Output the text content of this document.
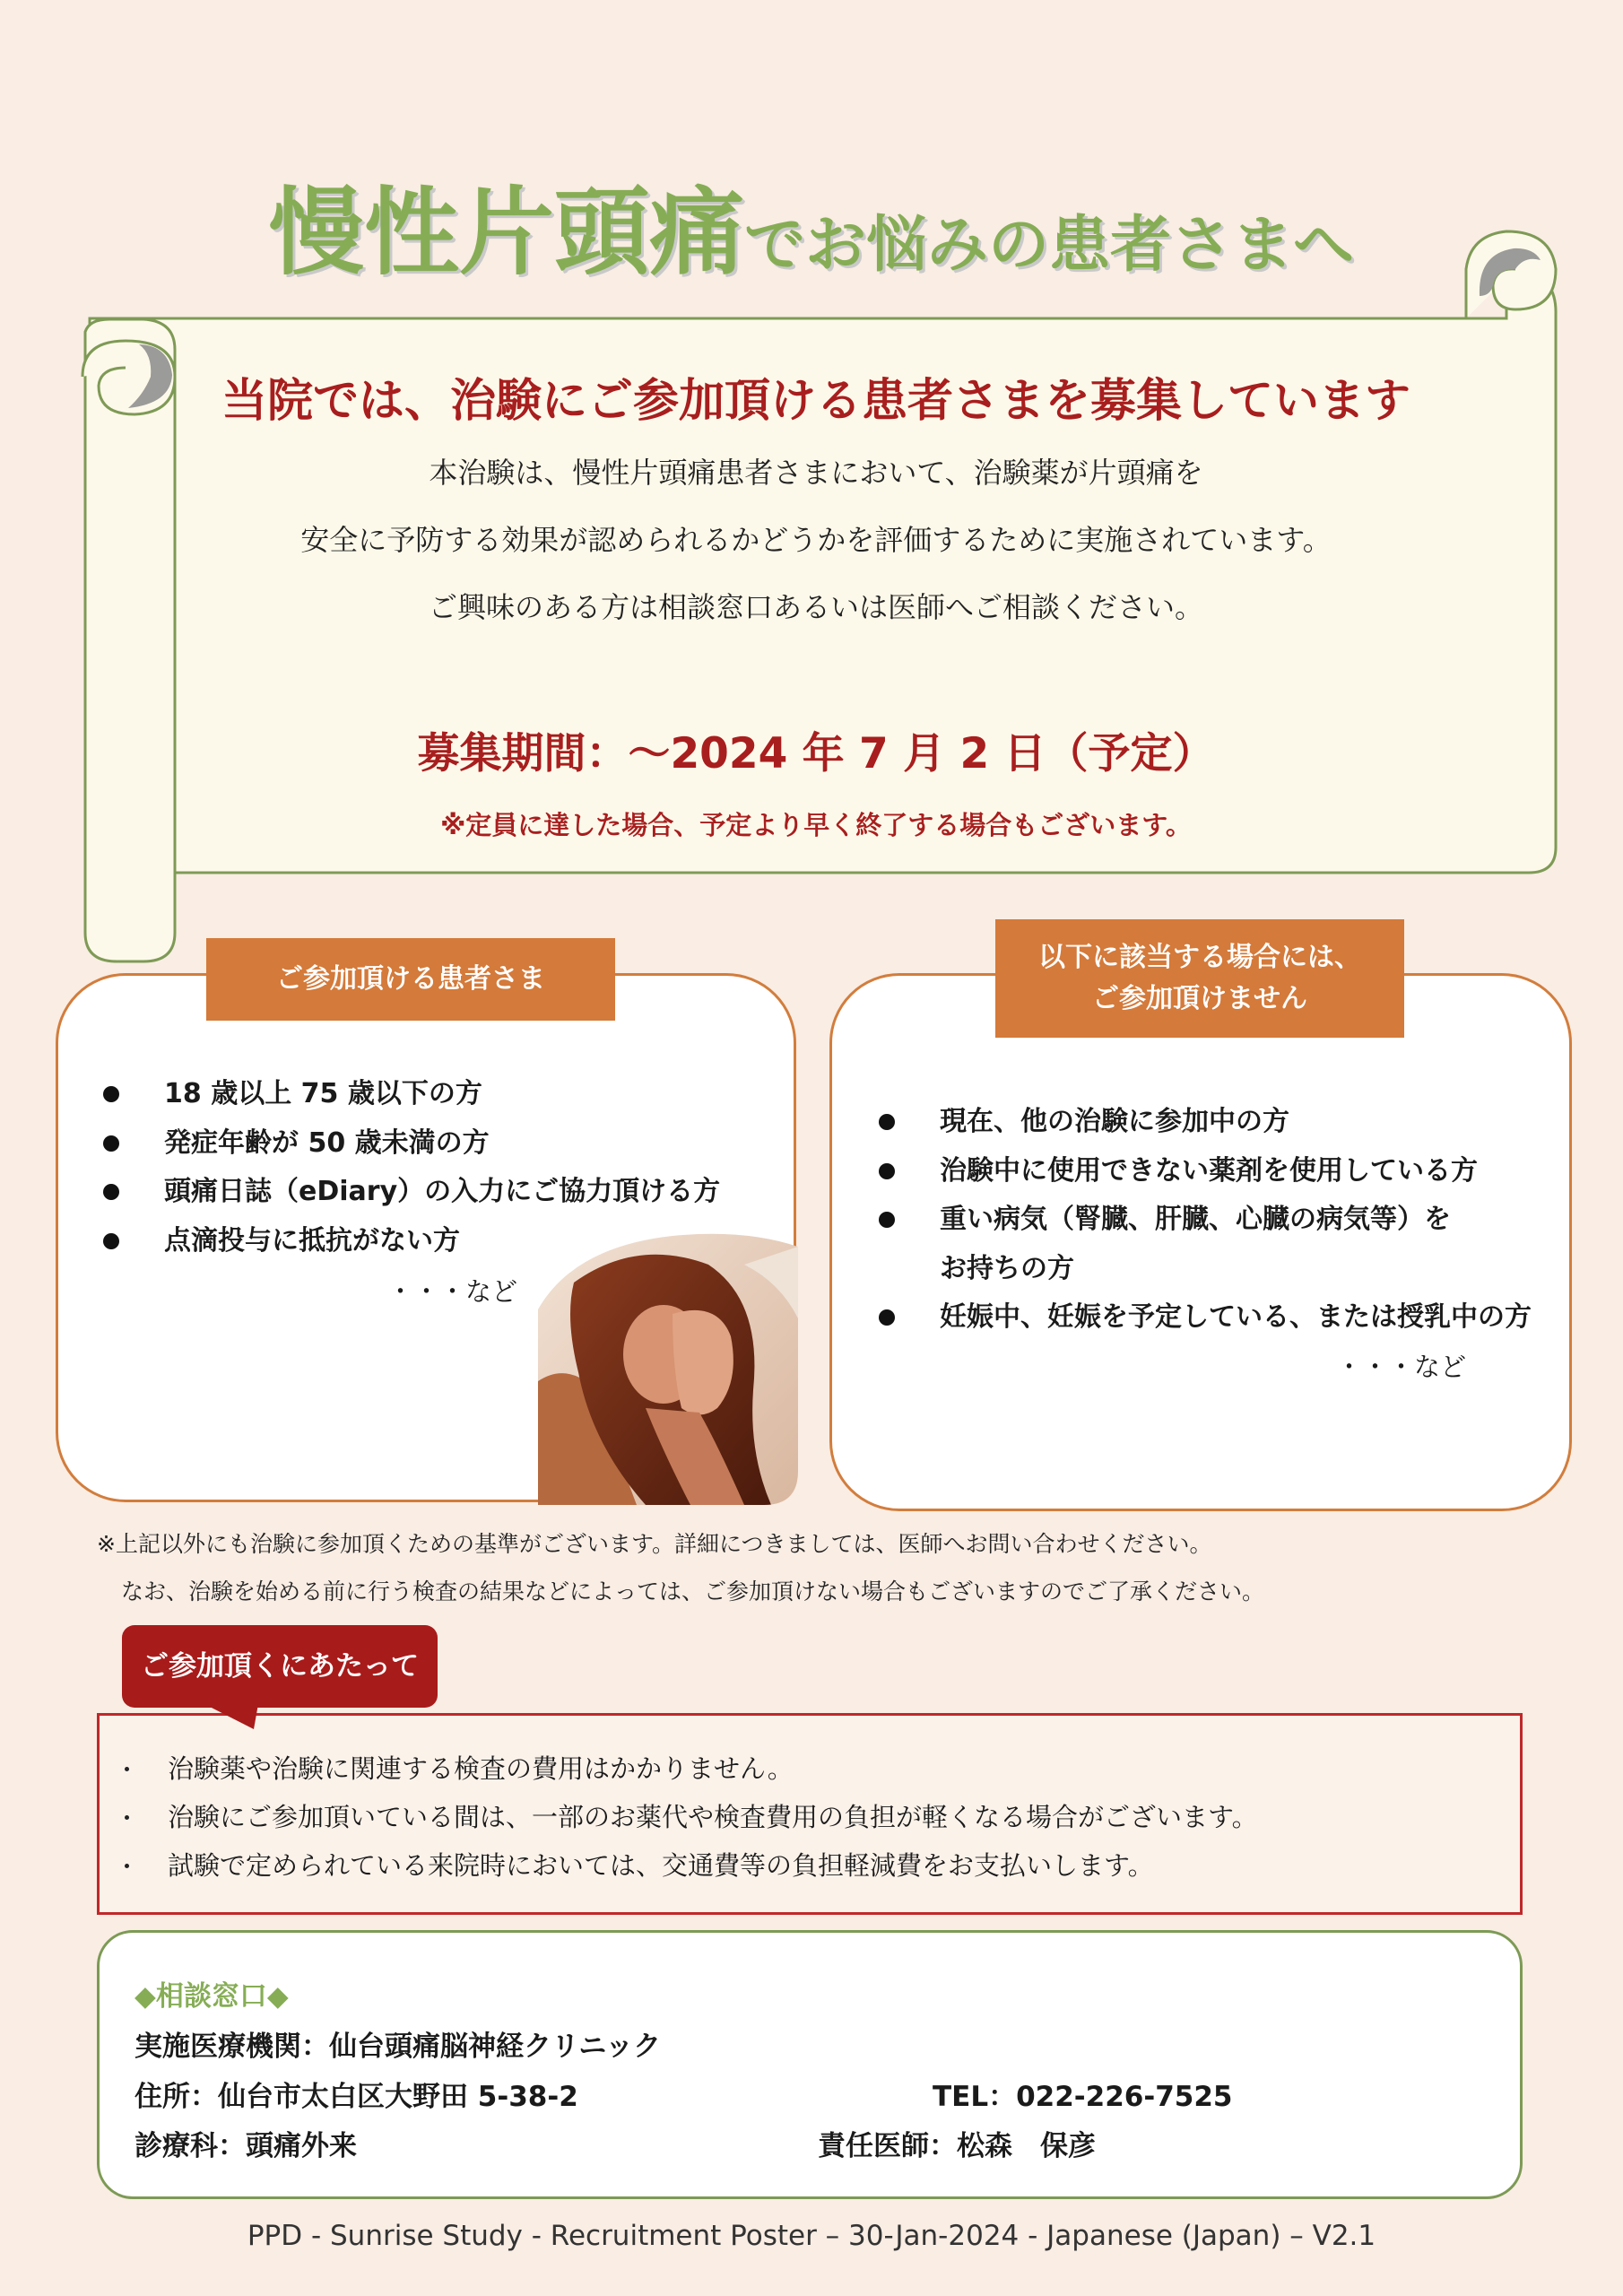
慢性片頭痛でお悩みの患者さまへ
当院では、治験にご参加頂ける患者さまを募集しています
本治験は、慢性片頭痛患者さまにおいて、治験薬が片頭痛を
安全に予防する効果が認められるかどうかを評価するために実施されています。
ご興味のある方は相談窓口あるいは医師へご相談ください。
募集期間：～2024 年 7 月 2 日（予定）
※定員に達した場合、予定より早く終了する場合もございます。
ご参加頂ける患者さま
18 歳以上 75 歳以下の方
発症年齢が 50 歳未満の方
頭痛日誌（eDiary）の入力にご協力頂ける方
点滴投与に抵抗がない方
・・・など
以下に該当する場合には、
ご参加頂けません
現在、他の治験に参加中の方
治験中に使用できない薬剤を使用している方
重い病気（腎臓、肝臓、心臓の病気等）を
お持ちの方
妊娠中、妊娠を予定している、または授乳中の方
・・・など
※上記以外にも治験に参加頂くための基準がございます。詳細につきましては、医師へお問い合わせください。
なお、治験を始める前に行う検査の結果などによっては、ご参加頂けない場合もございますのでご了承ください。
ご参加頂くにあたって
治験薬や治験に関連する検査の費用はかかりません。
治験にご参加頂いている間は、一部のお薬代や検査費用の負担が軽くなる場合がございます。
試験で定められている来院時においては、交通費等の負担軽減費をお支払いします。
◆相談窓口◆
実施医療機関：仙台頭痛脳神経クリニック
住所：仙台市太白区大野田 5-38-2	TEL：022-226-7525
診療科：頭痛外来	責任医師：松森　保彦
PPD - Sunrise Study - Recruitment Poster – 30-Jan-2024 - Japanese (Japan) – V2.1
